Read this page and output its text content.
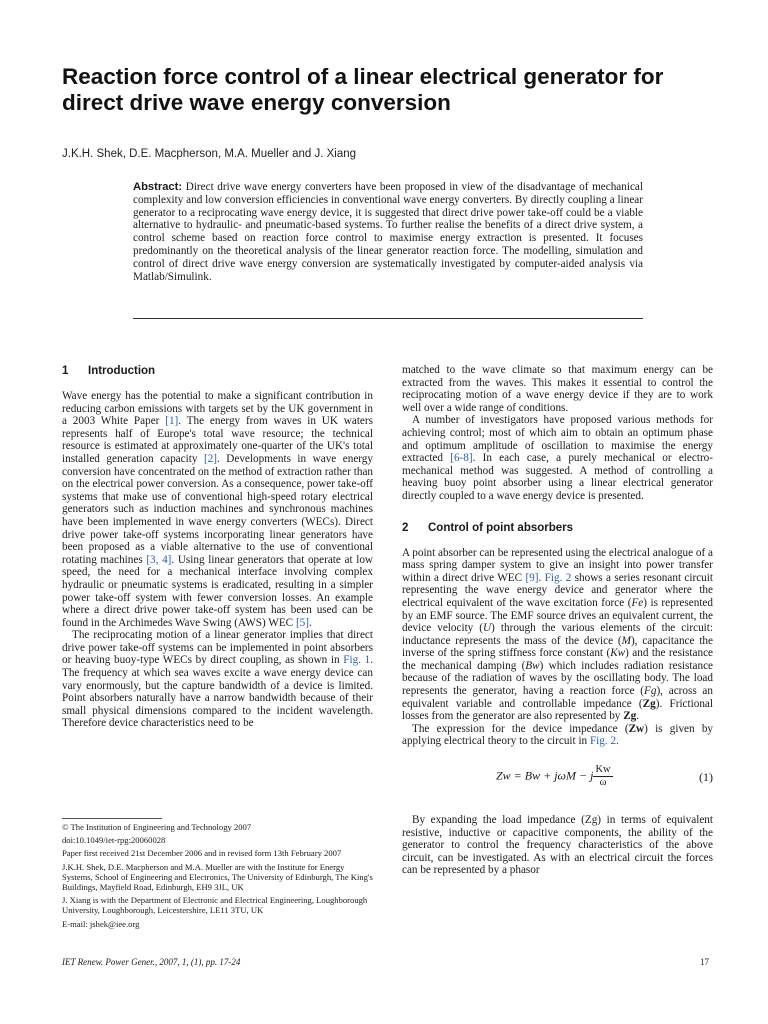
Reaction force control of a linear electrical generator for direct drive wave energy conversion
J.K.H. Shek, D.E. Macpherson, M.A. Mueller and J. Xiang

Abstract: Direct drive wave energy converters have been proposed in view of the disadvantage of mechanical complexity and low conversion efficiencies in conventional wave energy converters. By directly coupling a linear generator to a reciprocating wave energy device, it is suggested that direct drive power take-off could be a viable alternative to hydraulic- and pneumatic-based systems. To further realise the benefits of a direct drive system, a control scheme based on reaction force control to maximise energy extraction is presented. It focuses predominantly on the theoretical analysis of the linear generator reaction force. The modelling, simulation and control of direct drive wave energy conversion are systematically investigated by computer-aided analysis via Matlab/Simulink.

1 Introduction

Wave energy has the potential to make a significant contribution in reducing carbon emissions with targets set by the UK government in a 2003 White Paper [1]. The energy from waves in UK waters represents half of Europe's total wave resource; the technical resource is estimated at approximately one-quarter of the UK's total installed generation capacity [2]. Developments in wave energy conversion have concentrated on the method of extraction rather than on the electrical power conversion. As a consequence, power take-off systems that make use of conventional high-speed rotary electrical generators such as induction machines and synchronous machines have been implemented in wave energy converters (WECs). Direct drive power take-off systems incorporating linear generators have been proposed as a viable alternative to the use of conventional rotating machines [3, 4]. Using linear generators that operate at low speed, the need for a mechanical interface involving complex hydraulic or pneumatic systems is eradicated, resulting in a simpler power take-off system with fewer conversion losses. An example where a direct drive power take-off system has been used can be found in the Archimedes Wave Swing (AWS) WEC [5].

The reciprocating motion of a linear generator implies that direct drive power take-off systems can be implemented in point absorbers or heaving buoy-type WECs by direct coupling, as shown in Fig. 1. The frequency at which sea waves excite a wave energy device can vary enormously, but the capture bandwidth of a device is limited. Point absorbers naturally have a narrow bandwidth because of their small physical dimensions compared to the incident wavelength. Therefore device characteristics need to be

matched to the wave climate so that maximum energy can be extracted from the waves. This makes it essential to control the reciprocating motion of a wave energy device if they are to work well over a wide range of conditions.

A number of investigators have proposed various methods for achieving control; most of which aim to obtain an optimum phase and optimum amplitude of oscillation to maximise the energy extracted [6-8]. In each case, a purely mechanical or electro-mechanical method was suggested. A method of controlling a heaving buoy point absorber using a linear electrical generator directly coupled to a wave energy device is presented.

2 Control of point absorbers

A point absorber can be represented using the electrical analogue of a mass spring damper system to give an insight into power transfer within a direct drive WEC [9]. Fig. 2 shows a series resonant circuit representing the wave energy device and generator where the electrical equivalent of the wave excitation force (Fe) is represented by an EMF source. The EMF source drives an equivalent current, the device velocity (U) through the various elements of the circuit: inductance represents the mass of the device (M), capacitance the inverse of the spring stiffness force constant (Kw) and the resistance the mechanical damping (Bw) which includes radiation resistance because of the radiation of waves by the oscillating body. The load represents the generator, having a reaction force (Fg), across an equivalent variable and controllable impedance (Zg). Frictional losses from the generator are also represented by Zg.

The expression for the device impedance (Zw) is given by applying electrical theory to the circuit in Fig. 2.

Zw = Bw + jωM − j $\frac{Kw}{\omega}$	(1)

By expanding the load impedance (Zg) in terms of equivalent resistive, inductive or capacitive components, the ability of the generator to control the frequency characteristics of the above circuit, can be investigated. As with an electrical circuit the forces can be represented by a phasor

© The Institution of Engineering and Technology 2007

doi:10.1049/iet-rpg:20060028

Paper first received 21st December 2006 and in revised form 13th February 2007

J.K.H. Shek, D.E. Macpherson and M.A. Mueller are with the Institute for Energy Systems, School of Engineering and Electronics, The University of Edinburgh, The King's Buildings, Mayfield Road, Edinburgh, EH9 3JL, UK

J. Xiang is with the Department of Electronic and Electrical Engineering, Loughborough University, Loughborough, Leicestershire, LE11 3TU, UK

E-mail: jshek@iee.org

IET Renew. Power Gener., 2007, 1, (1), pp. 17-24	17
